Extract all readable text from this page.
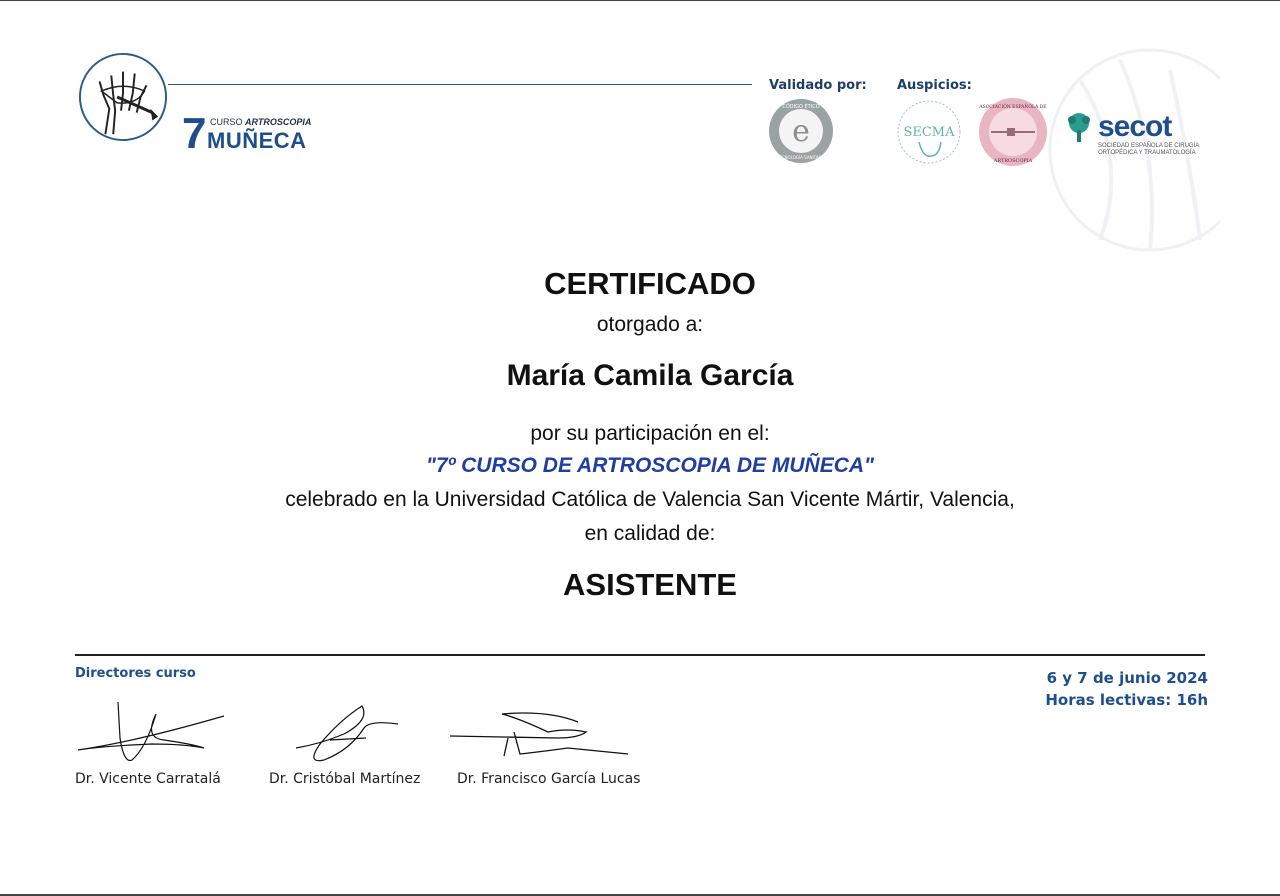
7 CURSO ARTROSCOPIA
MUÑECA
Validado por: Auspicios:
e
CÓDIGO ÉTICO
TECNOLOGÍA SANITARIA
SECMA
ASOCIACIÓN ESPAÑOLA DE
ARTROSCOPIA
secot
SOCIEDAD ESPAÑOLA DE CIRUGÍA
ORTOPÉDICA Y TRAUMATOLOGÍA
CERTIFICADO
otorgado a:
María Camila García
por su participación en el:
"7º CURSO DE ARTROSCOPIA DE MUÑECA"
celebrado en la Universidad Católica de Valencia San Vicente Mártir, Valencia,
en calidad de:
ASISTENTE
Directores curso	6 y 7 de junio 2024
Horas lectivas: 16h
Dr. Vicente Carratalá	Dr. Cristóbal Martínez	Dr. Francisco García Lucas
